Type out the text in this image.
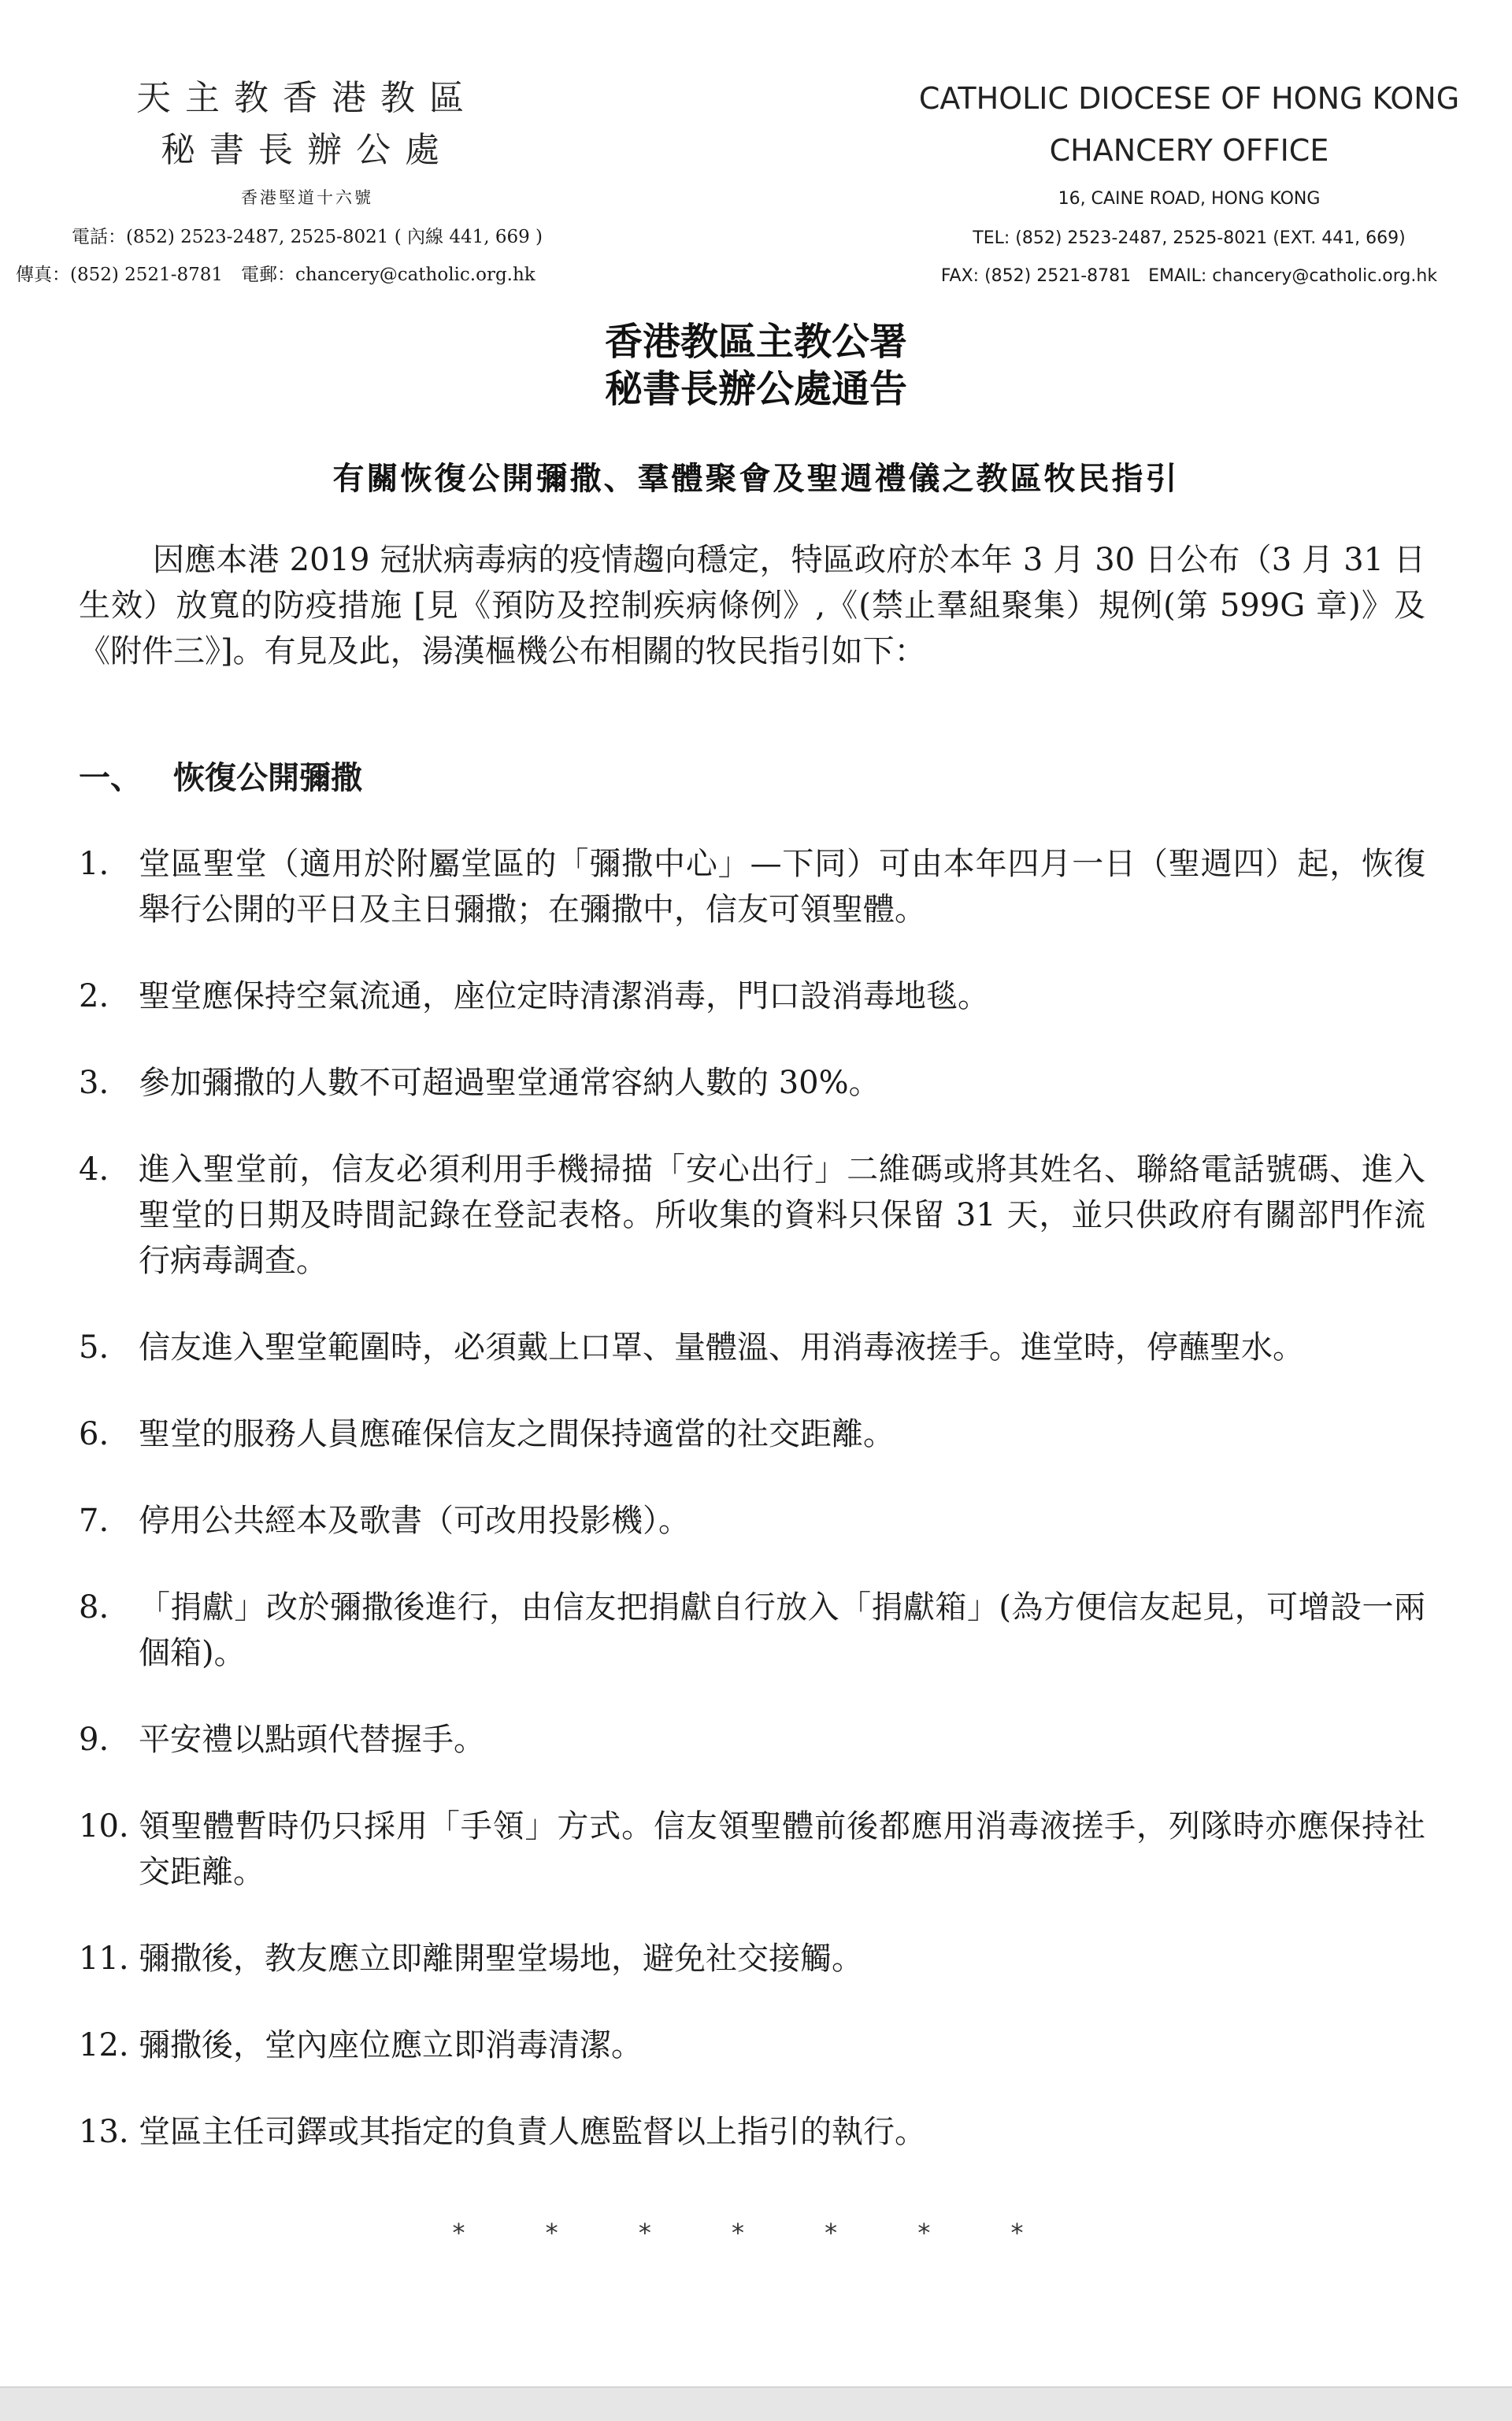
天主教香港教區
秘書長辦公處
香港堅道十六號
電話：(852) 2523-2487, 2525-8021 ( 內線 441, 669 )
傳真：(852) 2521-8781　電郵：chancery@catholic.org.hk
CATHOLIC DIOCESE OF HONG KONG
CHANCERY OFFICE
16, CAINE ROAD, HONG KONG
TEL: (852) 2523-2487, 2525-8021 (EXT. 441, 669)
FAX: (852) 2521-8781　EMAIL: chancery@catholic.org.hk
香港教區主教公署
秘書長辦公處通告
有關恢復公開彌撒、羣體聚會及聖週禮儀之教區牧民指引
因應本港 2019 冠狀病毒病的疫情趨向穩定，特區政府於本年 3 月 30 日公布（3 月 31 日生效）放寬的防疫措施 [見《預防及控制疾病條例》,《(禁止羣組聚集）規例(第 599G 章)》及《附件三》]。有見及此，湯漢樞機公布相關的牧民指引如下：
一、 恢復公開彌撒
1. 堂區聖堂（適用於附屬堂區的「彌撒中心」—下同）可由本年四月一日（聖週四）起，恢復舉行公開的平日及主日彌撒；在彌撒中，信友可領聖體。
2. 聖堂應保持空氣流通，座位定時清潔消毒，門口設消毒地毯。
3. 參加彌撒的人數不可超過聖堂通常容納人數的 30%。
4. 進入聖堂前，信友必須利用手機掃描「安心出行」二維碼或將其姓名、聯絡電話號碼、進入聖堂的日期及時間記錄在登記表格。所收集的資料只保留 31 天，並只供政府有關部門作流行病毒調查。
5. 信友進入聖堂範圍時，必須戴上口罩、量體溫、用消毒液搓手。進堂時，停蘸聖水。
6. 聖堂的服務人員應確保信友之間保持適當的社交距離。
7. 停用公共經本及歌書（可改用投影機）。
8. 「捐獻」改於彌撒後進行，由信友把捐獻自行放入「捐獻箱」(為方便信友起見，可增設一兩個箱)。
9. 平安禮以點頭代替握手。
10. 領聖體暫時仍只採用「手領」方式。信友領聖體前後都應用消毒液搓手，列隊時亦應保持社交距離。
11. 彌撒後，教友應立即離開聖堂場地，避免社交接觸。
12. 彌撒後，堂內座位應立即消毒清潔。
13. 堂區主任司鐸或其指定的負責人應監督以上指引的執行。
* * * * * * *
